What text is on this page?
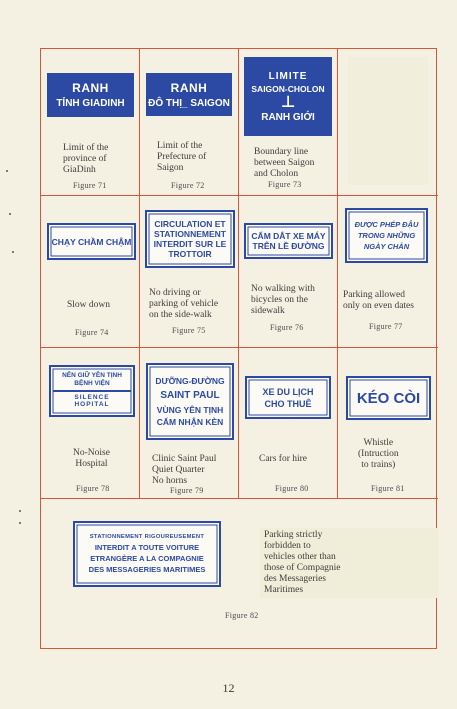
RANH
TỈNH GIADINH
Limit of the
province of
GiaDinh
Figure 71
RANH
ĐÔ THỊ_ SAIGON
Limit of the
Prefecture of
Saigon
Figure 72
LIMITE
SAIGON-CHOLON
⊥
RANH GIỚI
Boundary line
between Saigon
and Cholon
Figure 73
CHẠY CHẦM CHẬM
Slow down
Figure 74
CIRCULATION ET
STATIONNEMENT
INTERDIT SUR LE
TROTTOIR
No driving or
parking of vehicle
on the side-walk
Figure 75
CẤM DẮT XE MÁY
TRÊN LỀ ĐƯỜNG
No walking with
bicycles on the
sidewalk
Figure 76
ĐƯỢC PHÉP ĐẬU
TRONG NHỮNG
NGÀY CHẴN
Parking allowed
only on even dates
Figure 77
NÊN GIỮ YÊN TỊNH
BỆNH VIỆN
SILENCE
HOPITAL
No-Noise
Hospital
Figure 78
DƯỠNG-ĐƯỜNG
SAINT PAUL
VÙNG YÊN TỊNH
CẤM NHẬN KÈN
Clinic Saint Paul
Quiet Quarter
No horns
Figure 79
XE DU LỊCH
CHO THUÊ
Cars for hire
Figure 80
KÉO CÒI
Whistle
(Intruction
to trains)
Figure 81
STATIONNEMENT RIGOUREUSEMENT
INTERDIT A TOUTE VOITURE
ETRANGÈRE A LA COMPAGNIE
DES MESSAGERIES MARITIMES
Parking strictly
forbidden to
vehicles other than
those of Compagnie
des Messageries
Maritimes
Figure 82
12
